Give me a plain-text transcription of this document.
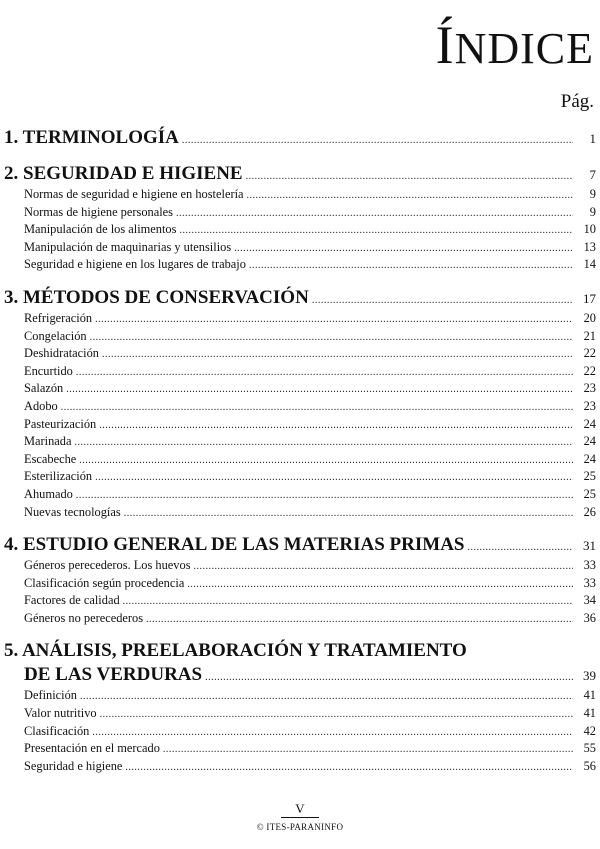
ÍNDICE
Pág.
1. TERMINOLOGÍA .....	1
2. SEGURIDAD E HIGIENE .....	7
Normas de seguridad e higiene en hostelería .....	9
Normas de higiene personales .....	9
Manipulación de los alimentos .....	10
Manipulación de maquinarias y utensilios .....	13
Seguridad e higiene en los lugares de trabajo .....	14
3. MÉTODOS DE CONSERVACIÓN .....	17
Refrigeración .....	20
Congelación .....	21
Deshidratación .....	22
Encurtido .....	22
Salazón .....	23
Adobo .....	23
Pasteurización .....	24
Marinada .....	24
Escabeche .....	24
Esterilización .....	25
Ahumado .....	25
Nuevas tecnologías .....	26
4. ESTUDIO GENERAL DE LAS MATERIAS PRIMAS .....	31
Géneros perecederos. Los huevos .....	33
Clasificación según procedencia .....	33
Factores de calidad .....	34
Géneros no perecederos .....	36
5. ANÁLISIS, PREELABORACIÓN Y TRATAMIENTO
DE LAS VERDURAS .....	39
Definición .....	41
Valor nutritivo .....	41
Clasificación .....	42
Presentación en el mercado .....	55
Seguridad e higiene .....	56
V
© ITES-PARANINFO
